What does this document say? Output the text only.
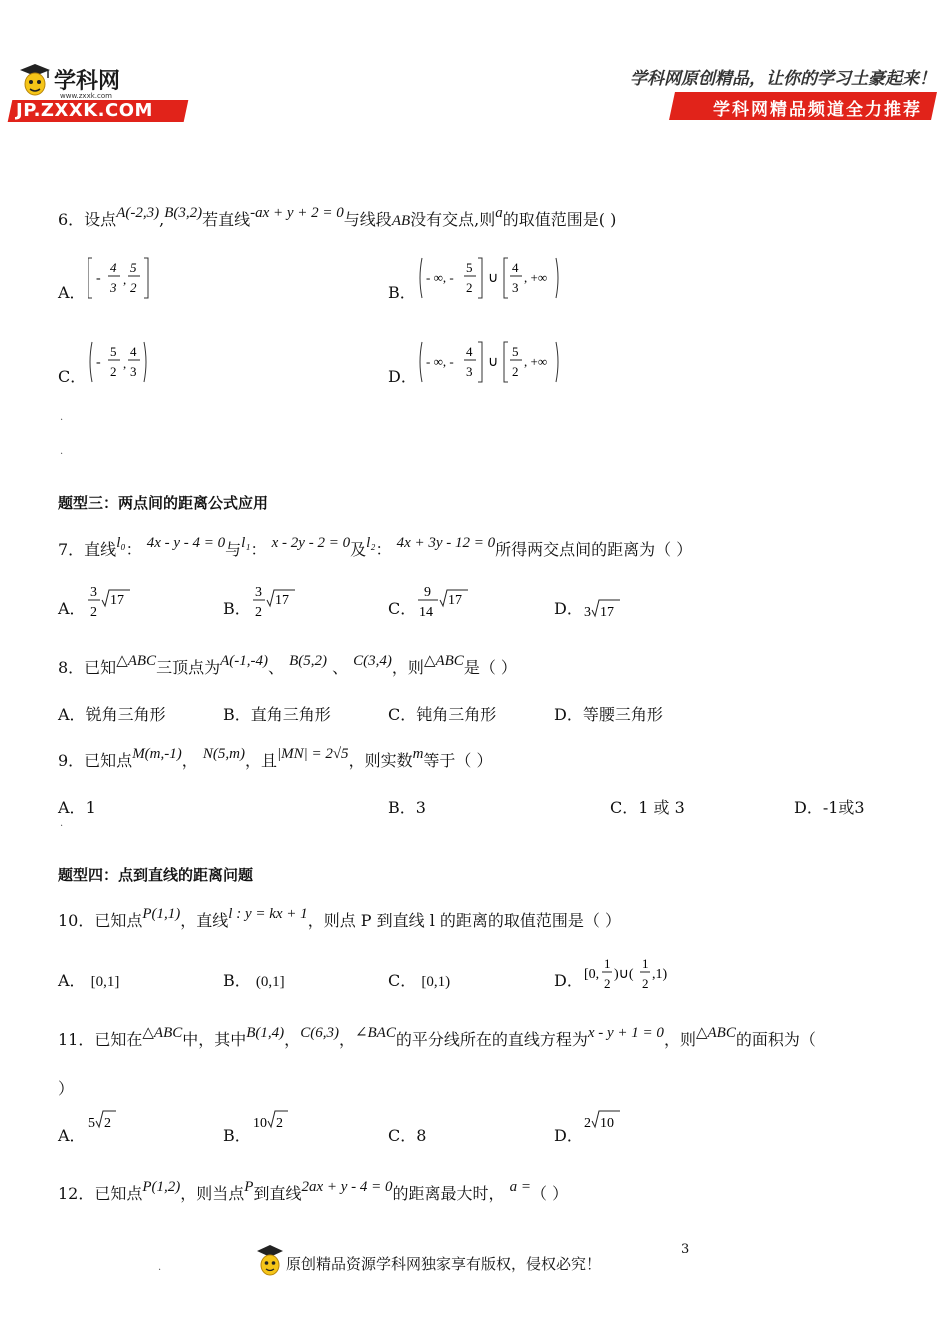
学科网
www.zxxk.com
JP.ZXXK.COM
学科网原创精品，让你的学习土豪起来！
学科网精品频道全力推荐
6．设点A(-2,3),B(3,2)若直线-ax + y + 2 = 0与线段AB没有交点,则a的取值范围是( )
A．
-
4
3
,
5
2	B．
- ∞, -
5
2
∪
4
3
, +∞
C．
-
5
2
,
4
3	D．
- ∞, -
4
3
∪
5
2
, +∞
.
.
题型三：两点间的距离公式应用
7．直线l₀： 4x - y - 4 = 0与l₁： x - 2y - 2 = 0及l₂： 4x + 3y - 12 = 0所得两交点间的距离为（ ）
A．
3
2
17	B．
3
2
17	C．
9
14
17	D． 3 17
8．已知△ABC三顶点为A(-1,-4)、 B(5,2) 、 C(3,4)，则△ABC是（ ）
A．锐角三角形	B．直角三角形	C．钝角三角形	D．等腰三角形
9．已知点M(m,-1)， N(5,m)，且|MN| = 2√5，则实数m等于（ ）
A．1	B．3	C．1 或 3	D．-1或3
.
题型四：点到直线的距离问题
10．已知点P(1,1)，直线l : y = kx + 1，则点 P 到直线 l 的距离的取值范围是（ ）
A． [0,1]	B． (0,1]	C． [0,1)	D． [0,
1
2
)∪(
1
2
,1)
11．已知在△ABC中，其中B(1,4)，C(6,3)，∠BAC的平分线所在的直线方程为x - y + 1 = 0，则△ABC的面积为（
）
A．
5 2
B．
10 2
C．8	D．
2 10
12．已知点P(1,2)，则当点P到直线2ax + y - 4 = 0的距离最大时， a =（ ）
.	原创精品资源学科网独家享有版权，侵权必究！
3
